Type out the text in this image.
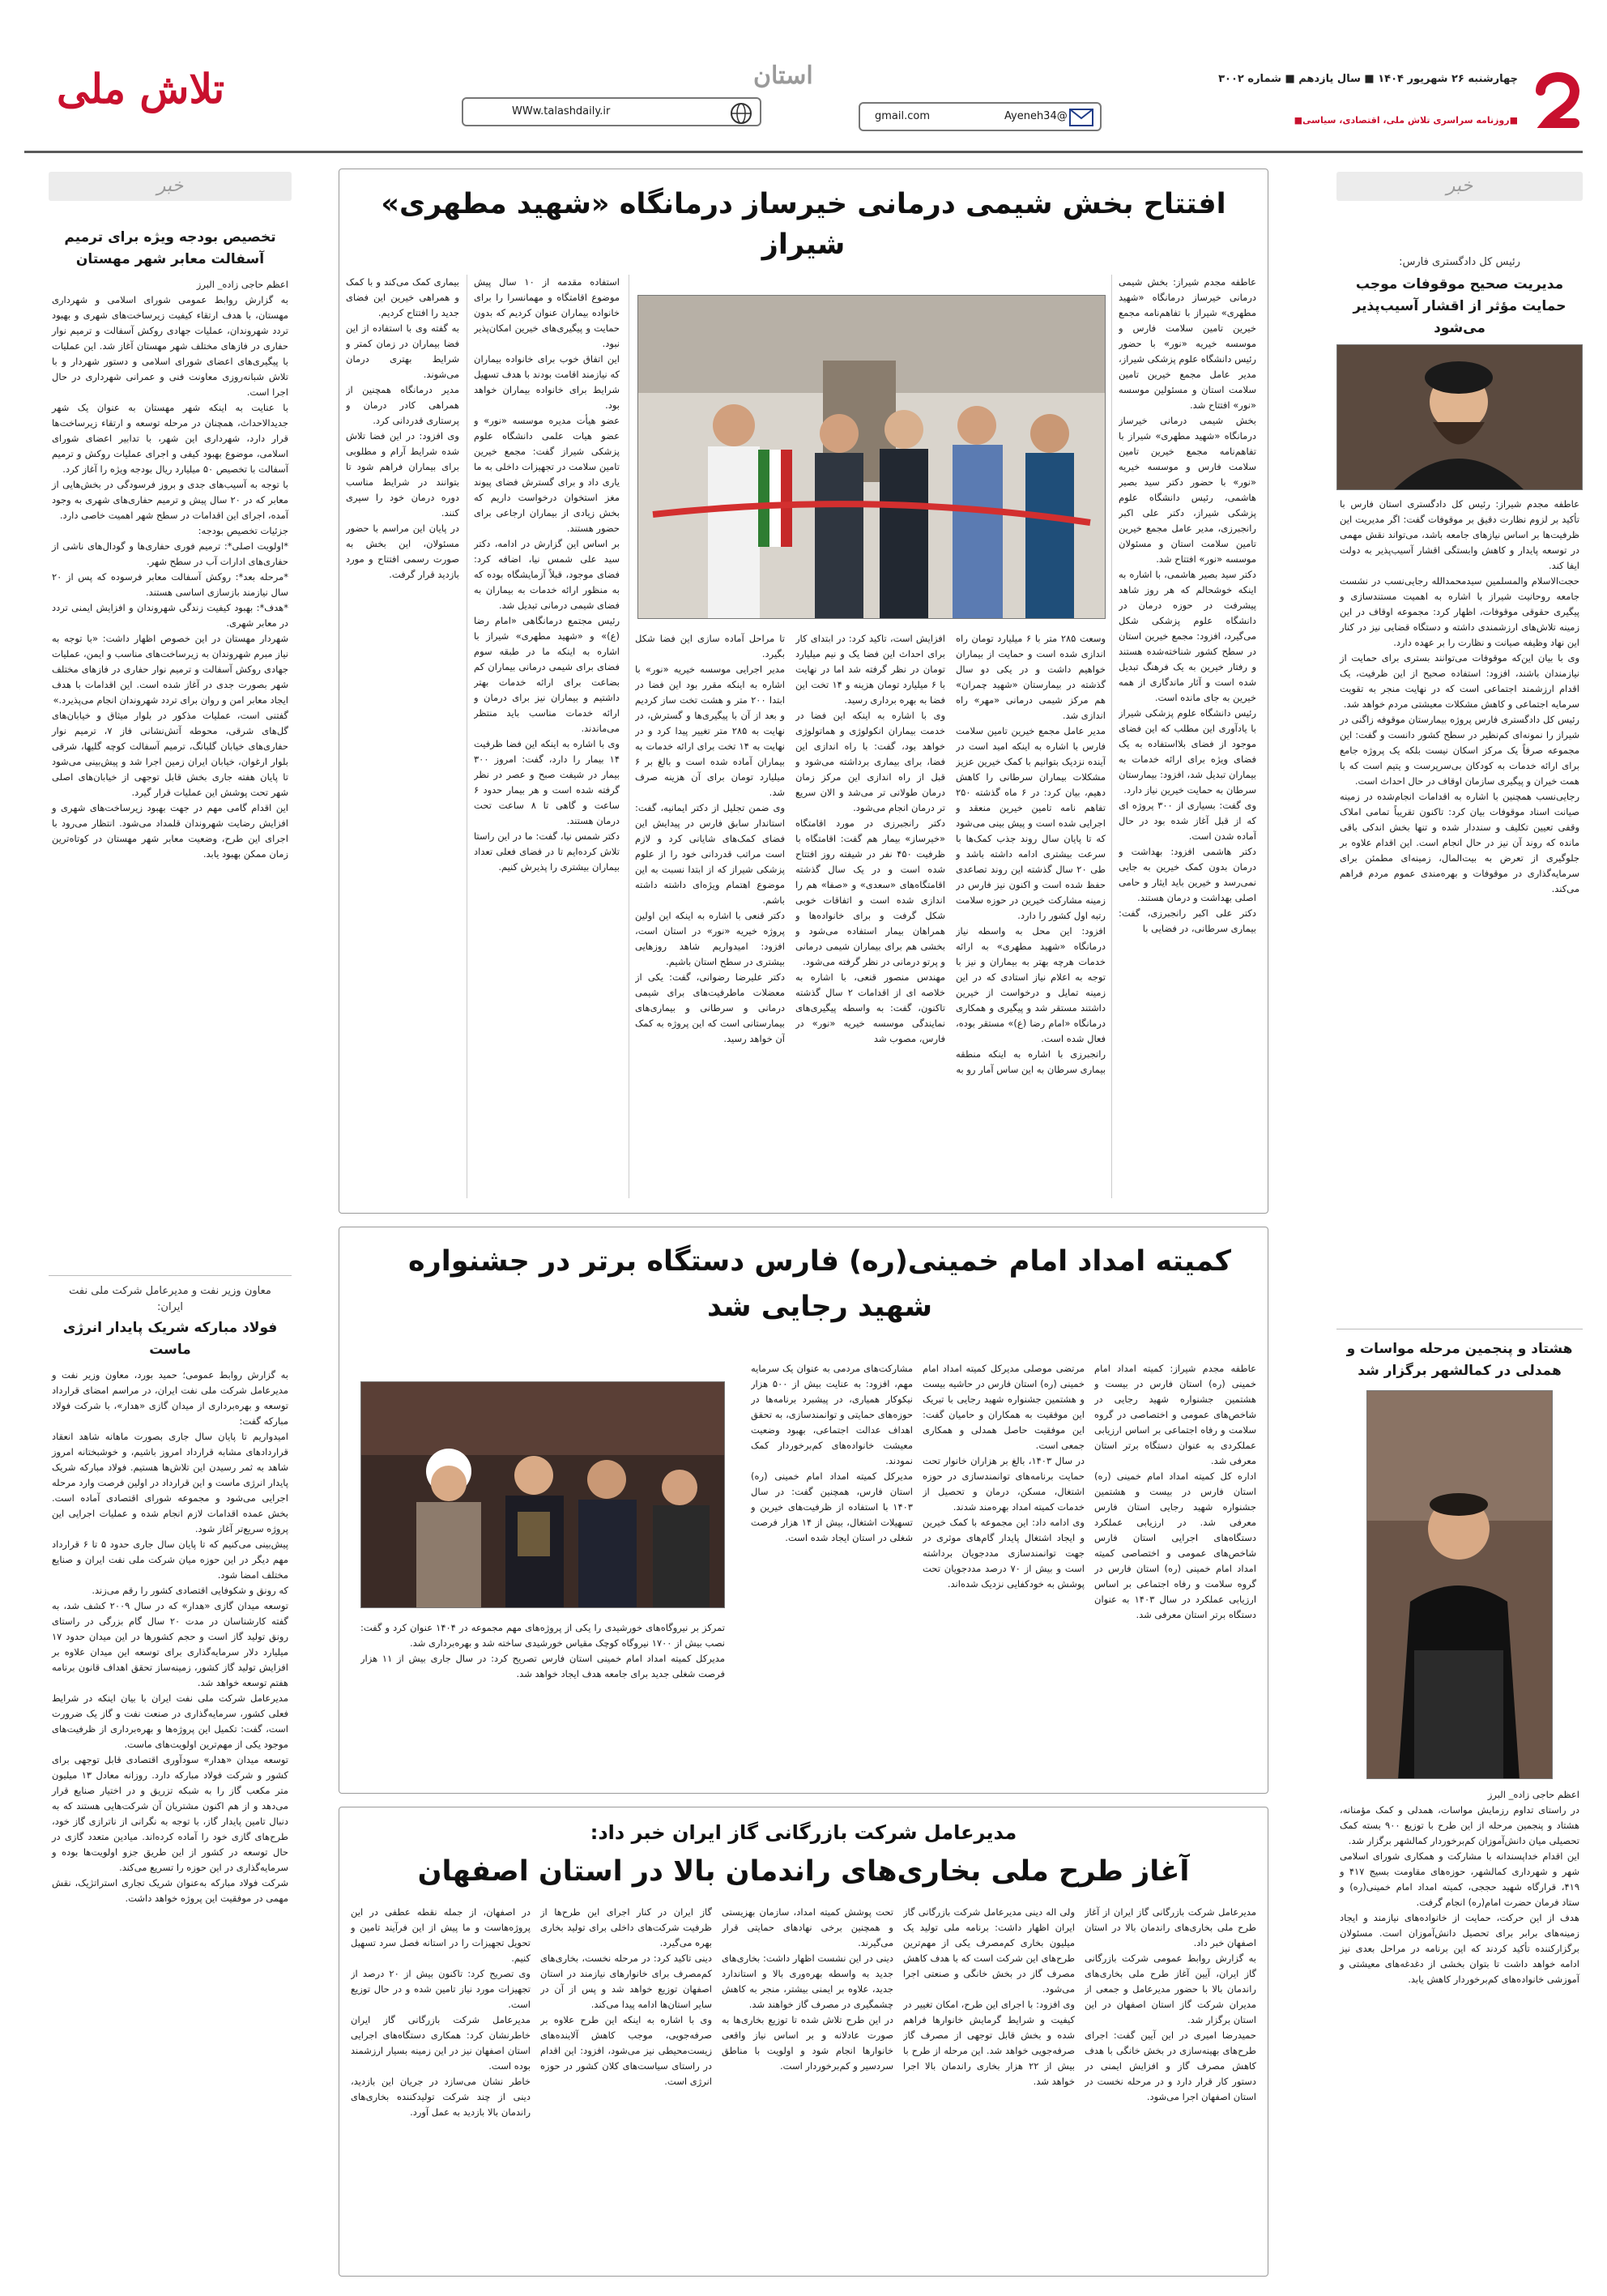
چهارشنبه ۲۶ شهریور ۱۴۰۴ ■ سال یازدهم ■ شماره ۳۰۰۲
■روزنامه سراسری تلاش ملی، اقتصادی، سیاسی■
استان
gmail.com	Ayeneh34@
WWw.talashdaily.ir
تلاش ملی
خبر
رئیس کل دادگستری فارس:
مدیریت صحیح موقوفات موجب حمایت مؤثر از اقشار آسیب‌پذیر می‌شود
عاطفه مجدم شیراز: رئیس کل دادگستری استان فارس با تأکید بر لزوم نظارت دقیق بر موقوفات گفت: اگر مدیریت این ظرفیت‌ها بر اساس نیازهای جامعه باشد، می‌تواند نقش مهمی در توسعه پایدار و کاهش وابستگی اقشار آسیب‌پذیر به دولت ایفا کند.
حجت‌الاسلام والمسلمین سیدمحمدالله رجایی‌نسب در نشست جامعه روحانیت شیراز با اشاره به اهمیت مستندسازی و پیگیری حقوقی موقوفات، اظهار کرد: مجموعه اوقاف در این زمینه تلاش‌های ارزشمندی داشته و دستگاه قضایی نیز در کنار این نهاد وظیفه صیانت و نظارت را بر عهده دارد.
وی با بیان این‌که موقوفات می‌توانند بستری برای حمایت از نیازمندان باشند، افزود: استفاده صحیح از این ظرفیت، یک اقدام ارزشمند اجتماعی است که در نهایت منجر به تقویت سرمایه اجتماعی و کاهش مشکلات معیشتی مردم خواهد شد.
رئیس کل دادگستری فارس پروژه بیمارستان موقوفه زاگنی در شیراز را نمونه‌ای کم‌نظیر در سطح کشور دانست و گفت: این مجموعه صرفاً یک مرکز اسکان نیست بلکه یک پروژه جامع برای ارائه خدمات به کودکان بی‌سرپرست و یتیم است که با همت خیران و پیگیری سازمان اوقاف در حال احداث است.
رجایی‌نسب همچنین با اشاره به اقدامات انجام‌شده در زمینه صیانت اسناد موقوفات بیان کرد: تاکنون تقریباً تمامی املاک وقفی تعیین تکلیف و سنددار شده و تنها بخش اندکی باقی مانده که روند آن نیز در حال انجام است. این اقدام علاوه بر جلوگیری از تعرض به بیت‌المال، زمینه‌ای مطمئن برای سرمایه‌گذاری در موقوفات و بهره‌مندی عموم مردم فراهم می‌کند.
هشتاد و پنجمین مرحله مواسات و همدلی در کمالشهر برگزار شد
اعظم حاجی زاده_ البرز
در راستای تداوم رزمایش مواسات، همدلی و کمک مؤمنانه، هشتاد و پنجمین مرحله از این طرح با توزیع ۹۰۰ بسته کمک تحصیلی میان دانش‌آموزان کم‌برخوردار کمالشهر برگزار شد.
این اقدام خداپسندانه با مشارکت و همکاری شورای اسلامی شهر و شهرداری کمالشهر، حوزه‌های مقاومت بسیج ۴۱۷ و ۴۱۹، قرارگاه شهید حججی، کمیته امداد امام خمینی(ره) و ستاد فرمان حضرت امام(ره) انجام گرفت.
هدف از این حرکت، حمایت از خانواده‌های نیازمند و ایجاد زمینه‌های برابر برای تحصیل دانش‌آموزان است. مسئولان برگزارکننده تأکید کردند که این برنامه در مراحل بعدی نیز ادامه خواهد داشت تا بتوان بخشی از دغدغه‌های معیشتی و آموزشی خانواده‌های کم‌برخوردار کاهش یابد.
خبر
تخصیص بودجه ویژه برای ترمیم آسفالت معابر شهر مهستان
اعظم حاجی زاده_ البرز
به گزارش روابط عمومی شورای اسلامی و شهرداری مهستان، با هدف ارتقاء کیفیت زیرساخت‌های شهری و بهبود تردد شهروندان، عملیات جهادی روکش آسفالت و ترمیم نوار حفاری در فازهای مختلف شهر مهستان آغاز شد. این عملیات با پیگیری‌های اعضای شورای اسلامی و دستور شهردار و با تلاش شبانه‌روزی معاونت فنی و عمرانی شهرداری در حال اجرا است.
با عنایت به اینکه شهر مهستان به عنوان یک شهر جدیدالاحداث، همچنان در مرحله توسعه و ارتقاء زیرساخت‌ها قرار دارد، شهرداری این شهر، با تدابیر اعضای شورای اسلامی، موضوع بهبود کیفی و اجرای عملیات روکش و ترمیم آسفالت با تخصیص ۵۰ میلیارد ریال بودجه ویژه را آغاز کرد.
با توجه به آسیب‌های جدی و بروز فرسودگی در بخش‌هایی از معابر که در ۲۰ سال پیش و ترمیم حفاری‌های شهری به وجود آمده، اجرای این اقدامات در سطح شهر اهمیت خاصی دارد.
جزئیات تخصیص بودجه:
*اولویت اصلی*: ترمیم فوری حفاری‌ها و گودال‌های ناشی از حفاری‌های ادارات آب در سطح شهر.
*مرحله بعد*: روکش آسفالت معابر فرسوده که پس از ۲۰ سال نیازمند بازسازی اساسی هستند.
*هدف*: بهبود کیفیت زندگی شهروندان و افزایش ایمنی تردد در معابر شهری.
شهردار مهستان در این خصوص اظهار داشت: «با توجه به نیاز مبرم شهروندان به زیرساخت‌های مناسب و ایمن، عملیات جهادی روکش آسفالت و ترمیم نوار حفاری در فازهای مختلف شهر بصورت جدی در آغاز شده است. این اقدامات با هدف ایجاد معابر امن و روان برای تردد شهروندان انجام می‌پذیرد.»
گفتنی است، عملیات مذکور در بلوار میثاق و خیابان‌های گل‌های شرقی، محوطه آتش‌نشانی فاز ۷، ترمیم نوار حفاری‌های خیابان گلبانگ، ترمیم آسفالت کوچه گلیها، شرقی بلوار ارغوان، خیابان ایران زمین اجرا شد و پیش‌بینی می‌شود تا پایان هفته جاری بخش قابل توجهی از خیابان‌های اصلی شهر تحت پوشش این عملیات قرار گیرد.
این اقدام گامی مهم در جهت بهبود زیرساخت‌های شهری و افزایش رضایت شهروندان قلمداد می‌شود. انتظار می‌رود با اجرای این طرح، وضعیت معابر شهر مهستان در کوتاه‌ترین زمان ممکن بهبود یابد.
معاون وزیر نفت و مدیرعامل شرکت ملی نفت ایران:
فولاد مبارکه شریک پایدار انرژی ماست
به گزارش روابط عمومی؛ حمید بورد، معاون وزیر نفت و مدیرعامل شرکت ملی نفت ایران، در مراسم امضای قرارداد توسعه و بهره‌برداری از میدان گازی «هدار»، با شرکت فولاد مبارکه گفت:
امیدواریم تا پایان سال جاری بصورت ماهانه شاهد انعقاد قراردادهای مشابه قرارداد امروز باشیم، و خوشبختانه امروز شاهد به ثمر رسیدن این تلاش‌ها هستیم. فولاد مبارکه شریک پایدار انرژی ماست و این قرارداد در اولین فرصت وارد مرحله اجرایی می‌شود و مجموعه شورای اقتصادی آماده است. بخش عمده اقدامات لازم انجام شده و عملیات اجرایی این پروژه سریع‌تر آغاز شود.
پیش‌بینی می‌کنیم که تا پایان سال جاری حدود ۵ تا ۶ قرارداد مهم دیگر در این حوزه میان شرکت ملی نفت ایران و صنایع مختلف امضا شود.
که رونق و شکوفایی اقتصادی کشور را رقم می‌زند.
توسعه میدان گازی «هدار» که در سال ۲۰۰۹ کشف شد، به گفته کارشناسان در مدت ۲۰ سال گام بزرگی در راستای رونق تولید گاز است و حجم کشورها در این میدان حدود ۱۷ میلیارد دلار سرمایه‌گذاری برای توسعه این میدان علاوه بر افزایش تولید گاز کشور، زمینه‌ساز تحقق اهداف قانون برنامه هفتم توسعه خواهد شد.
مدیرعامل شرکت ملی نفت ایران با بیان اینکه در شرایط فعلی کشور، سرمایه‌گذاری در صنعت نفت و گاز یک ضرورت است، گفت: تکمیل این پروژه‌ها و بهره‌برداری از ظرفیت‌های موجود یکی از مهم‌ترین اولویت‌های ماست.
توسعه میدان «هدار» سودآوری اقتصادی قابل توجهی برای کشور و شرکت فولاد مبارکه دارد. روزانه معادل ۱۳ میلیون متر مکعب گاز را به شبکه تزریق و در اختیار صنایع قرار می‌دهد و از هم اکنون مشتریان آن شرکت‌هایی هستند که به دنبال تامین پایدار گاز، با توجه به نگرانی از ناترازی گاز خود، طرح‌های گازی خود را آماده کرده‌اند. میادین متعدد گازی در حال توسعه در کشور از این طریق جزو اولویت‌ها بوده و سرمایه‌گذاری در این حوزه را تسریع می‌کند.
شرکت فولاد مبارکه به‌عنوان شریک تجاری استراتژیک، نقش مهمی در موفقیت این پروژه خواهد داشت.
افتتاح بخش شیمی درمانی خیرساز درمانگاه «شهید مطهری» شیراز
عاطفه مجدم شیراز: بخش شیمی درمانی خیرساز درمانگاه «شهید مطهری» شیراز با تفاهم‌نامه مجمع خیرین تامین سلامت فارس و موسسه خیریه «نور» با حضور رئیس دانشگاه علوم پزشکی شیراز، مدیر عامل مجمع خیرین تامین سلامت استان و مسئولین موسسه «نور» افتتاح شد.
بخش شیمی درمانی خیرساز درمانگاه «شهید مطهری» شیراز با تفاهم‌نامه مجمع خیرین تامین سلامت فارس و موسسه خیریه «نور» با حضور دکتر سید بصیر هاشمی، رئیس دانشگاه علوم پزشکی شیراز، دکتر علی اکبر رانجبرزی، مدیر عامل مجمع خیرین تامین سلامت استان و مسئولان موسسه «نور» افتتاح شد.
دکتر سید بصیر هاشمی، با اشاره به اینکه خوشحالم که هر روز شاهد پیشرفت در حوزه درمان در دانشگاه علوم پزشکی شکل می‌گیرد، افزود: مجمع خیرین استان در سطح کشور شناخته‌شده هستند و رفتار خیرین به یک فرهنگ تبدیل شده است و آثار ماندگاری از همه خیرین به جای مانده است.
رئیس دانشگاه علوم پزشکی شیراز با یادآوری این مطلب که این فضای موجود از فضای بلااستفاده به یک فضای ویژه برای ارائه خدمات به بیماران تبدیل شد، افزود: بیمارستان سرطان به حمایت خیرین نیاز دارد.
وی گفت: بسیاری از ۳۰۰ پروژه ای که از قبل آغاز شده بود در حال آماده شدن است.
دکتر هاشمی افزود: بهداشت و درمان بدون کمک خیرین به جایی نمی‌رسد و خیرین باید ایثار و حامی اصلی بهداشت و درمان هستند.
دکتر علی اکبر رانجبرزی، گفت: بیماری سرطانی، در فضایی با
وسعت ۲۸۵ متر با ۶ میلیارد تومان راه اندازی شده است و حمایت از بیماران خواهیم داشت و در یکی دو سال گذشته در بیمارستان «شهید چمران» هم مرکز شیمی درمانی «مهر» راه اندازی شد.
مدیر عامل مجمع خیرین تامین سلامت فارس با اشاره به اینکه امید است در آینده نزدیک بتوانیم با کمک خیرین عزیز مشکلات بیماران سرطانی را کاهش دهیم، بیان کرد: در ۶ ماه گذشته ۲۵۰ تفاهم نامه تامین خیرین منعقد و اجرایی شده است و پیش بینی می‌شود که تا پایان سال روند جذب کمک‌ها با سرعت بیشتری ادامه داشته باشد و طی ۲۰ سال گذشته این روند تصاعدی حفظ شده است و اکنون نیز فارس در زمینه مشارکت خیرین در حوزه سلامت رتبه اول کشور را دارد.
افزود: این محل به واسطه نیاز درمانگاه «شهید مطهری» به ارائه خدمات هرچه بهتر به بیماران و نیز با توجه به اعلام نیاز استادی که در این زمینه تمایل و درخواست از خیرین داشتند مستقر شد و پیگیری و همکاری درمانگاه «امام رضا (ع)» مستقر بوده، فعال شده است.
رانجبرزی با اشاره به اینکه منطقه بیماری سرطان به این ساس آمار رو به
افزایش است، تاکید کرد: در ابتدای کار برای احداث این فضا یک و نیم میلیارد تومان در نظر گرفته شد اما در نهایت با ۶ میلیارد تومان هزینه و ۱۴ تخت این فضا به بهره برداری رسید.
وی با اشاره به اینکه این فضا در خدمت بیماران انکولوژی و هماتولوژی خواهد بود، گفت: با راه اندازی این فضا، برای بیماری برداشته می‌شود و قبل از راه اندازی این مرکز زمان درمان طولانی تر می‌شد و الان سریع تر درمان انجام می‌شود.
دکتر رانجبرزی در مورد اقامتگاه «خیرساز» بیمار هم گفت: اقامتگاه با ظرفیت ۴۵۰ نفر در شیفته روز افتتاح شده است و در یک سال گذشته اقامتگاه‌های «سعدی» و «صفا» هم را اندازی شده است و اتفاقات خوبی شکل گرفت و برای خانواده‌ها و همراهان بیمار استفاده می‌شود و بخشی هم برای بیماران شیمی درمانی و پرتو درمانی در نظر گرفته می‌شود.
مهندس منصور قنعی، با اشاره به خلاصه ای از اقدامات ۲ سال گذشته تاکنون، گفت: به واسطه پیگیری‌های نمایندگی موسسه خیریه «نور» در فارس، مصوب شد
تا مراحل آماده سازی این فضا شکل بگیرد.
مدیر اجرایی موسسه خیریه «نور» با اشاره به اینکه مقرر بود این فضا در ابتدا ۲۰۰ متر و هشت تخت ساز کردیم و بعد از آن با پیگیری‌ها و گسترش، در نهایت به ۲۸۵ متر تغییر پیدا کرد و در نهایت به ۱۴ تخت برای ارائه خدمات به بیماران آماده شده است و بالغ بر ۶ میلیارد تومان برای آن هزینه صرف شد.
وی ضمن تجلیل از دکتر ایمانیه، گفت: استاندار سابق فارس در پیدایش این فضای کمک‌های شایانی کرد و لازم است مراتب قدردانی خود را از علوم پزشکی شیراز که از ابتدا نسبت به این موضوع اهتمام ویژه‌ای داشته داشته باشم.
دکتر قنعی با اشاره به اینکه این اولین پروژه خیریه «نور» در استان است، افزود: امیدواریم شاهد روزهایی بیشتری در سطح استان باشیم.
دکتر علیرضا رضوانی، گفت: یکی از معضلات ماطرفیت‌های برای شیمی درمانی و سرطانی و بیماری‌های بیمارستانی است که این پروژه به کمک آن خواهد رسید.
استفاده مقدمه از ۱۰ سال پیش موضوع اقامتگاه و مهمانسرا را برای خانواده بیماران عنوان کردیم که بدون حمایت و پیگیری‌های خیرین امکان‌پذیر نبود.
این اتفاق خوب برای خانواده بیماران که نیازمند اقامت بودند با هدف تسهیل شرایط برای خانواده بیماران خواهد بود.
عضو هیأت مدیره موسسه «نور» و عضو هیات علمی دانشگاه علوم پزشکی شیراز گفت: مجمع خیرین تامین سلامت در تجهیزات داخلی به ما یاری داد و برای گسترش فضای پیوند مغز استخوان درخواست داریم که بخش زیادی از بیماران ارجاعی برای حضور هستند.
بر اساس این گزارش در ادامه، دکتر سید علی شمس نیا، اضافه کرد: فضای موجود، قبلاً آزمایشگاه بوده که به منظور ارائه خدمات به بیماران به فضای شیمی درمانی تبدیل شد.
رئیس مجتمع درمانگاهی «امام رضا (ع)» و «شهید مطهری» شیراز با اشاره به اینکه ما در طبقه سوم فضای برای شیمی درمانی بیماران کم بضاعت برای ارائه خدمات بهتر داشتیم و بیماران نیز برای درمان و ارائه خدمات مناسب باید منتظر می‌ماندند.
وی با اشاره به اینکه این فضا ظرفیت ۱۴ بیمار را دارد، گفت: امروز ۳۰۰ بیمار در شیفت صبح و عصر در نظر گرفته شده است و هر بیمار حدود ۶ ساعت و گاهی تا ۸ ساعت تحت درمان هستند.
دکتر شمس نیا، گفت: ما در این راستا تلاش کرده‌ایم تا در فضای فعلی تعداد بیماران بیشتری را پذیرش کنیم.
بیماری کمک می‌کند و با کمک و همراهی خیرین این فضای جدید را افتتاح کردیم.
به گفته وی با استفاده از این فضا بیماران در زمان کمتر و شرایط بهتری درمان می‌شوند.
مدیر درمانگاه همچنین از همراهی کادر درمان و پرستاری قدردانی کرد.
وی افزود: در این فضا تلاش شده شرایط آرام و مطلوبی برای بیماران فراهم شود تا بتوانند در شرایط مناسب دوره درمان خود را سپری کنند.
در پایان این مراسم با حضور مسئولان، این بخش به صورت رسمی افتتاح و مورد بازدید قرار گرفت.
کمیته امداد امام خمینی(ره) فارس دستگاه برتر در جشنواره شهید رجایی شد
عاطفه مجدم شیراز: کمیته امداد امام خمینی (ره) استان فارس در بیست و هشتمین جشنواره شهید رجایی در شاخص‌های عمومی و اختصاصی در گروه سلامت و رفاه اجتماعی بر اساس ارزیابی عملکردی به عنوان دستگاه برتر استان معرفی شد.
اداره کل کمیته امداد امام خمینی (ره) استان فارس در بیست و هشتمین جشنواره شهید رجایی استان فارس معرفی شد. در ارزیابی عملکرد دستگاه‌های اجرایی استان فارس شاخص‌های عمومی و اختصاصی کمیته امداد امام خمینی (ره) استان فارس در گروه سلامت و رفاه اجتماعی بر اساس ارزیابی عملکرد در سال ۱۴۰۳ به عنوان دستگاه برتر استان معرفی شد.
مرتضی موصلی مدیرکل کمیته امداد امام خمینی (ره) استان فارس در حاشیه بیست و هشتمین جشنواره شهید رجایی با تبریک این موفقیت به همکاران و حامیان گفت: این موفقیت حاصل همدلی و همکاری جمعی است.
در سال ۱۴۰۳، بالغ بر هزاران خانوار تحت حمایت برنامه‌های توانمندسازی در حوزه اشتغال، مسکن، درمان و تحصیل از خدمات کمیته امداد بهره‌مند شدند.
وی ادامه داد: این مجموعه با کمک خیرین و ایجاد اشتغال پایدار گام‌های موثری در جهت توانمندسازی مددجویان برداشته است و بیش از ۷۰ درصد مددجویان تحت پوشش به خودکفایی نزدیک شده‌اند.
مشارکت‌های مردمی به عنوان یک سرمایه مهم، افزود: به عنایت بیش از ۵۰۰ هزار نیکوکار همیاری، در پیشبرد برنامه‌ها در حوزه‌های حمایتی و توانمندسازی، به تحقق اهداف عدالت اجتماعی، بهبود وضعیت معیشت خانواده‌های کم‌برخوردار کمک نمودند.
مدیرکل کمیته امداد امام خمینی (ره) استان فارس، همچنین گفت: در سال ۱۴۰۳ با استفاده از ظرفیت‌های خیرین و تسهیلات اشتغال، بیش از ۱۴ هزار فرصت شغلی در استان ایجاد شده است.
تمرکز بر نیروگاه‌های خورشیدی را یکی از پروژه‌های مهم مجموعه در ۱۴۰۴ عنوان کرد و گفت: نصب بیش از ۱۷۰۰ نیروگاه کوچک مقیاس خورشیدی ساخته شد و بهره‌برداری شد.
مدیرکل کمیته امداد امام خمینی استان فارس تصریح کرد: در سال جاری بیش از ۱۱ هزار فرصت شغلی جدید برای جامعه هدف ایجاد خواهد شد.
مدیرعامل شرکت بازرگانی گاز ایران خبر داد:
آغاز طرح ملی بخاری‌های راندمان بالا در استان اصفهان
مدیرعامل شرکت بازرگانی گاز ایران از آغاز طرح ملی بخاری‌های راندمان بالا در استان اصفهان خبر داد.
به گزارش روابط عمومی شرکت بازرگانی گاز ایران، آیین آغاز طرح ملی بخاری‌های راندمان بالا با حضور مدیرعامل و جمعی از مدیران شرکت گاز استان اصفهان در این استان برگزار شد.
حمیدرضا امیری در این آیین گفت: اجرای طرح‌های بهینه‌سازی در بخش خانگی با هدف کاهش مصرف گاز و افزایش ایمنی در دستور کار قرار دارد و در مرحله نخست در استان اصفهان اجرا می‌شود.
ولی اله دینی مدیرعامل شرکت بازرگانی گاز ایران اظهار داشت: برنامه ملی تولید یک میلیون بخاری کم‌مصرف یکی از مهم‌ترین طرح‌های این شرکت است که با هدف کاهش مصرف گاز در بخش خانگی و صنعتی اجرا می‌شود.
وی افزود: با اجرای این طرح، امکان تغییر در کیفیت و شرایط گرمایش خانوارها فراهم شده و بخش قابل توجهی از مصرف گاز صرفه‌جویی خواهد شد. این مرحله از طرح با بیش از ۲۲ هزار بخاری راندمان بالا اجرا خواهد شد.
تحت پوشش کمیته امداد، سازمان بهزیستی و همچنین برخی نهادهای حمایتی قرار می‌گیرند.
دینی در این نشست اظهار داشت: بخاری‌های جدید به واسطه بهره‌وری بالا و استاندارد جدید، علاوه بر ایمنی بیشتر، منجر به کاهش چشمگیری در مصرف گاز خواهند شد.
در این طرح تلاش شده تا توزیع بخاری‌ها به صورت عادلانه و بر اساس نیاز واقعی خانوارها انجام شود و اولویت با مناطق سردسیر و کم‌برخوردار است.
گاز ایران در کنار اجرای این طرح‌ها از ظرفیت شرکت‌های داخلی برای تولید بخاری بهره می‌گیرد.
دینی تاکید کرد: در مرحله نخست، بخاری‌های کم‌مصرف برای خانوارهای نیازمند در استان اصفهان توزیع خواهد شد و پس از آن در سایر استان‌ها ادامه پیدا می‌کند.
وی با اشاره به اینکه این طرح علاوه بر صرفه‌جویی، موجب کاهش آلاینده‌های زیست‌محیطی نیز می‌شود، افزود: این اقدام در راستای سیاست‌های کلان کشور در حوزه انرژی است.
در اصفهان، از جمله نقطه عطفی در این پروژه‌هاست و ما پیش از این فرآیند تامین و تحویل تجهیزات را در استانه فصل سرد تسهیل کنیم.
وی تصریح کرد: تاکنون بیش از ۲۰ درصد از تجهیزات مورد نیاز تامین شده و در حال توزیع است.
مدیرعامل شرکت بازرگانی گاز ایران خاطرنشان کرد: همکاری دستگاه‌های اجرایی استان اصفهان نیز در این زمینه بسیار ارزشمند بوده است.
خاطر نشان می‌سازد در جریان این بازدید، دینی از چند شرکت تولید‌کننده بخاری‌های راندمان بالا بازدید به عمل آورد.
